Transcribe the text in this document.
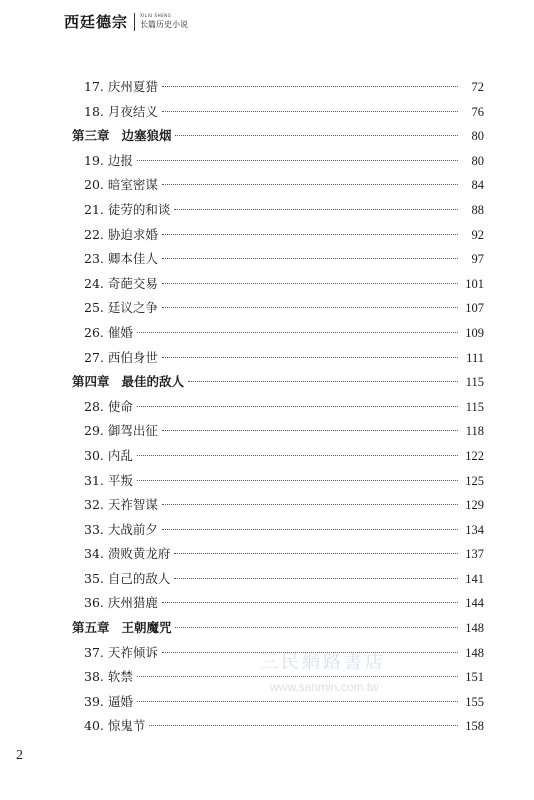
西廷德宗	XILIU SHENG
长篇历史小说
17. 庆州夏猎	72
18. 月夜结义	76
第三章 边塞狼烟	80
19. 边报	80
20. 暗室密谋	84
21. 徒劳的和谈	88
22. 胁迫求婚	92
23. 卿本佳人	97
24. 奇葩交易	101
25. 廷议之争	107
26. 催婚	109
27. 西伯身世	111
第四章 最佳的敌人	115
28. 使命	115
29. 御驾出征	118
30. 内乱	122
31. 平叛	125
32. 天祚智谋	129
33. 大战前夕	134
34. 溃败黄龙府	137
35. 自己的敌人	141
36. 庆州猎鹿	144
第五章 王朝魔咒	148
37. 天祚倾诉	148
38. 软禁	151
39. 逼婚	155
40. 惊鬼节	158
三民網路書店
www.sanmin.com.tw
2
